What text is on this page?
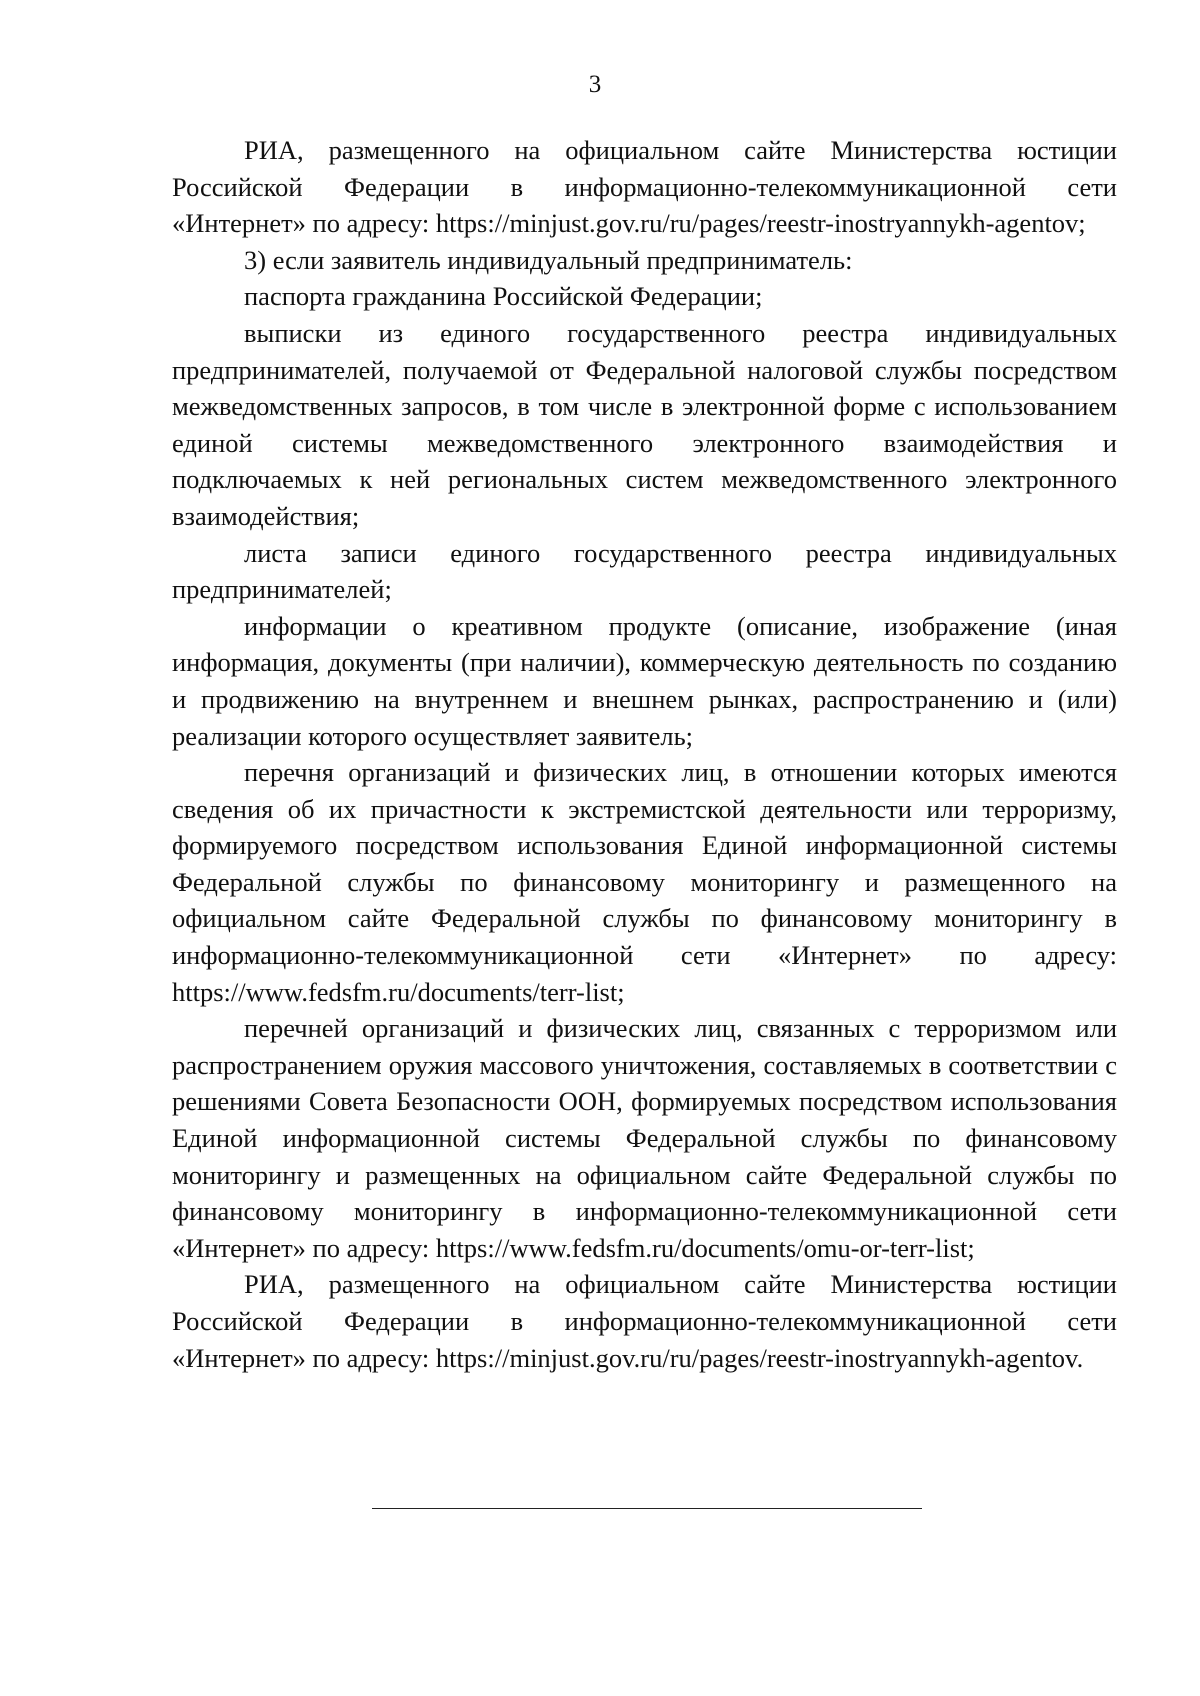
3

РИА, размещенного на официальном сайте Министерства юстиции Российской Федерации в информационно-телекоммуникационной сети «Интернет» по адресу: https://minjust.gov.ru/ru/pages/reestr-inostryannykh-agentov;

3) если заявитель индивидуальный предприниматель:

паспорта гражданина Российской Федерации;

выписки из единого государственного реестра индивидуальных предпринимателей, получаемой от Федеральной налоговой службы посредством межведомственных запросов, в том числе в электронной форме с использованием единой системы межведомственного электронного взаимодействия и подключаемых к ней региональных систем межведомственного электронного взаимодействия;

листа записи единого государственного реестра индивидуальных предпринимателей;

информации о креативном продукте (описание, изображение (иная информация, документы (при наличии), коммерческую деятельность по созданию и продвижению на внутреннем и внешнем рынках, распространению и (или) реализации которого осуществляет заявитель;

перечня организаций и физических лиц, в отношении которых имеются сведения об их причастности к экстремистской деятельности или терроризму, формируемого посредством использования Единой информационной системы Федеральной службы по финансовому мониторингу и размещенного на официальном сайте Федеральной службы по финансовому мониторингу в информационно-телекоммуникационной сети «Интернет» по адресу: https://www.fedsfm.ru/documents/terr-list;

перечней организаций и физических лиц, связанных с терроризмом или распространением оружия массового уничтожения, составляемых в соответствии с решениями Совета Безопасности ООН, формируемых посредством использования Единой информационной системы Федеральной службы по финансовому мониторингу и размещенных на официальном сайте Федеральной службы по финансовому мониторингу в информационно-телекоммуникационной сети «Интернет» по адресу: https://www.fedsfm.ru/documents/omu-or-terr-list;

РИА, размещенного на официальном сайте Министерства юстиции Российской Федерации в информационно-телекоммуникационной сети «Интернет» по адресу: https://minjust.gov.ru/ru/pages/reestr-inostryannykh-agentov.
